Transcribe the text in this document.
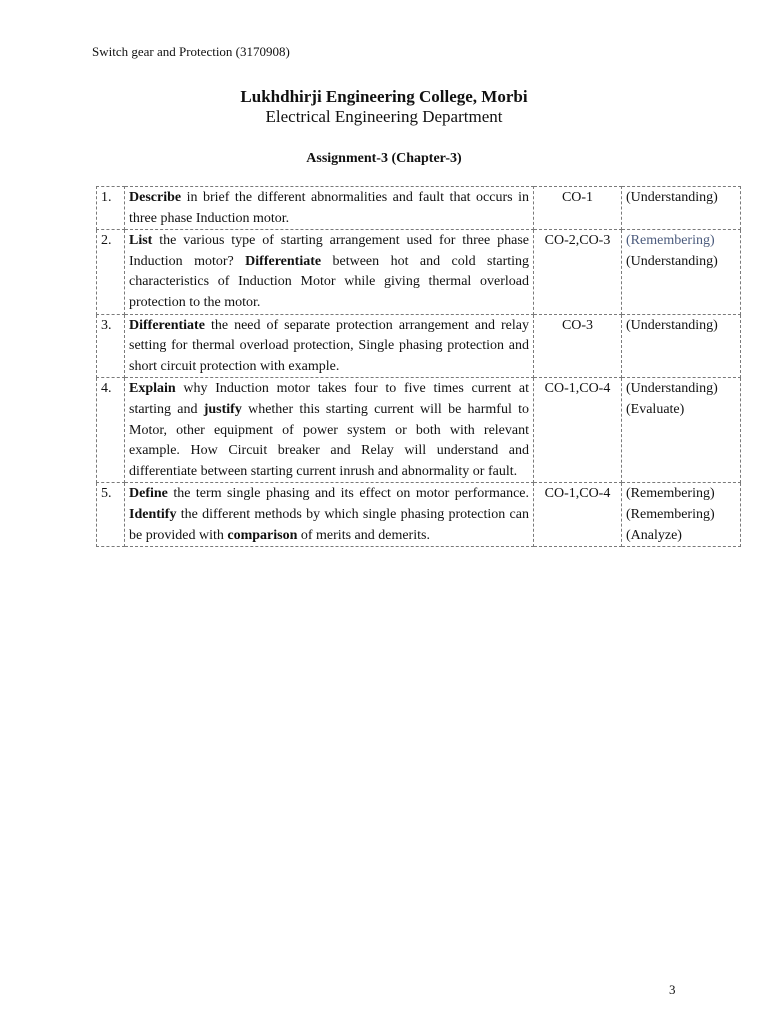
Switch gear and Protection (3170908)
Lukhdhirji Engineering College, Morbi
Electrical Engineering Department
Assignment-3 (Chapter-3)
1.	Describe in brief the different abnormalities and fault that occurs in three phase Induction motor.	CO-1	(Understanding)

2.	List the various type of starting arrangement used for three phase Induction motor? Differentiate between hot and cold starting characteristics of Induction Motor while giving thermal overload protection to the motor.	CO-2,CO-3	(Remembering)
(Understanding)

3.	Differentiate the need of separate protection arrangement and relay setting for thermal overload protection, Single phasing protection and short circuit protection with example.	CO-3	(Understanding)

4.	Explain why Induction motor takes four to five times current at starting and justify whether this starting current will be harmful to Motor, other equipment of power system or both with relevant example. How Circuit breaker and Relay will understand and differentiate between starting current inrush and abnormality or fault.	CO-1,CO-4	(Understanding)
(Evaluate)

5.	Define the term single phasing and its effect on motor performance. Identify the different methods by which single phasing protection can be provided with comparison of merits and demerits.	CO-1,CO-4	(Remembering)
(Remembering)
(Analyze)
3
